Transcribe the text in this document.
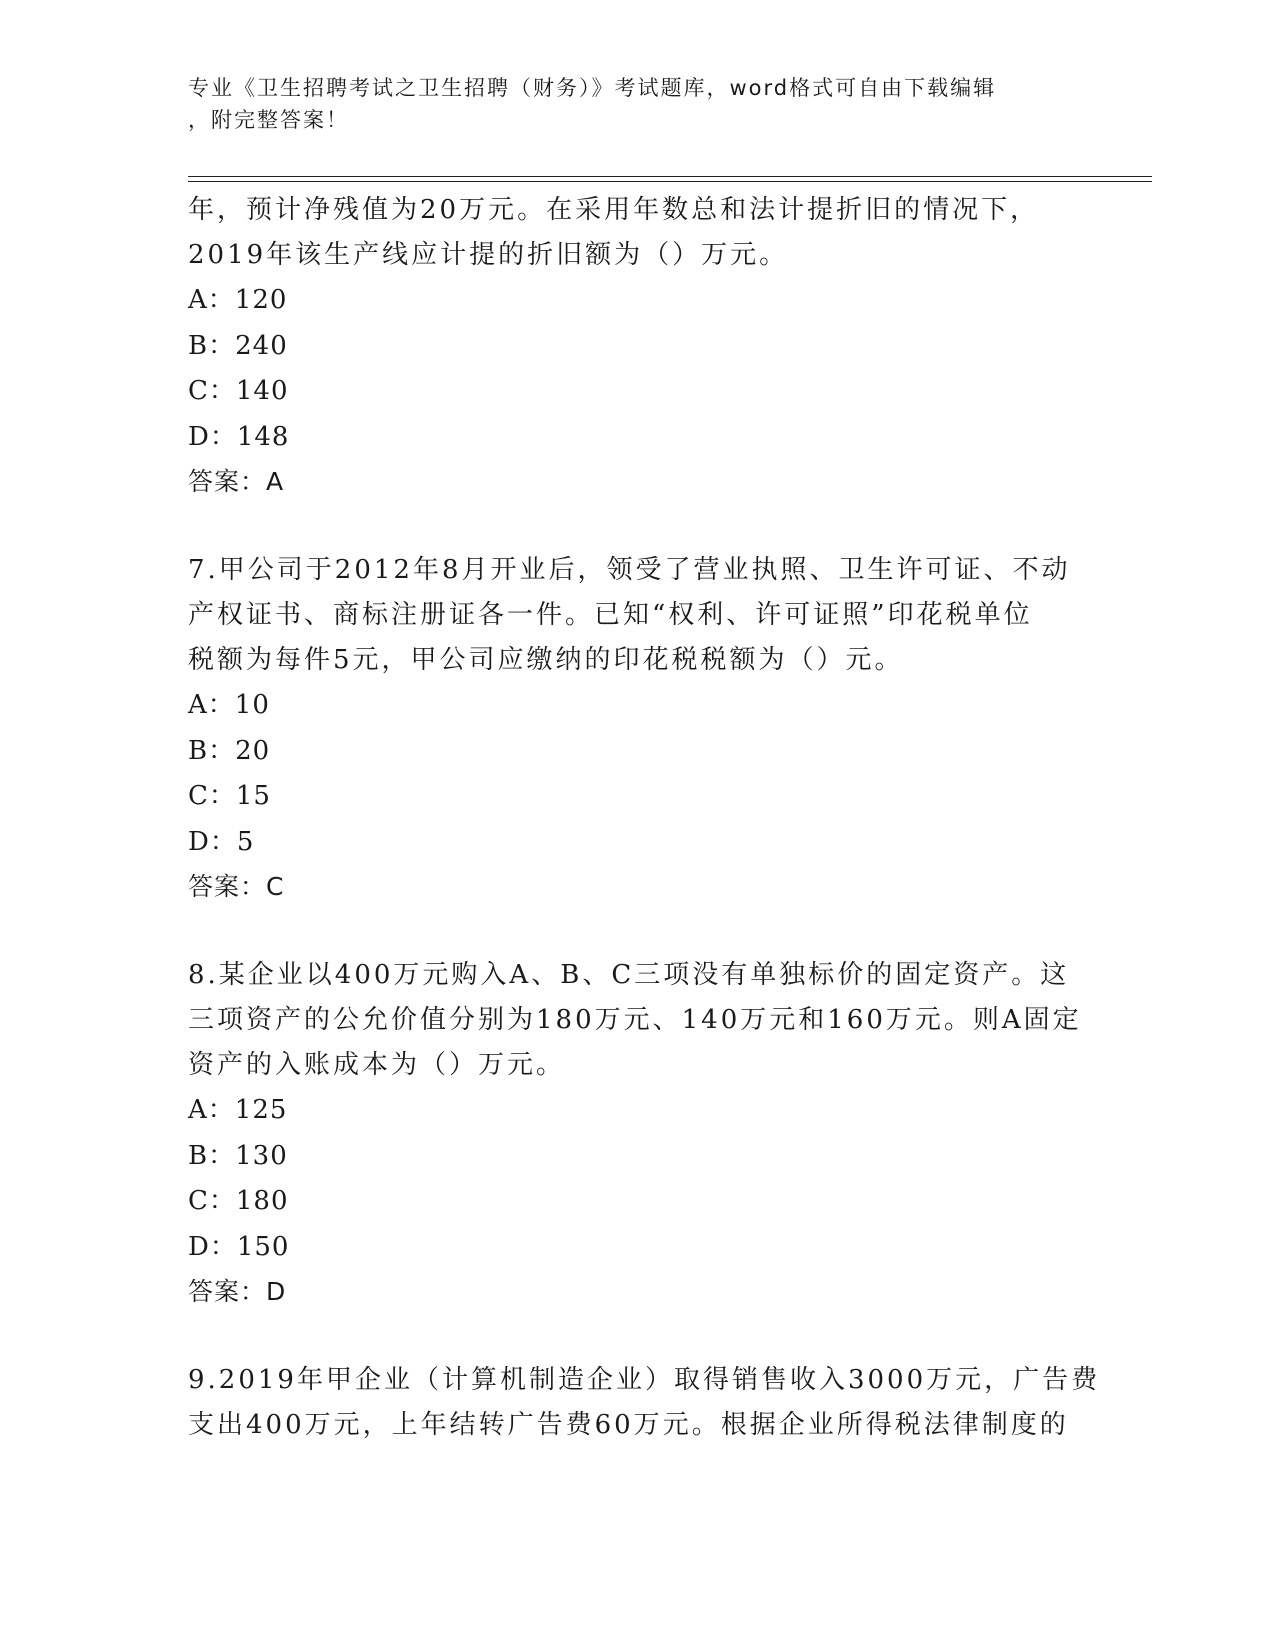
专业《卫生招聘考试之卫生招聘（财务）》考试题库，word格式可自由下载编辑
，附完整答案！
年，预计净残值为20万元。在采用年数总和法计提折旧的情况下，
2019年该生产线应计提的折旧额为（）万元。
A：120
B：240
C：140
D：148
答案：A
7.甲公司于2012年8月开业后，领受了营业执照、卫生许可证、不动
产权证书、商标注册证各一件。已知“权利、许可证照”印花税单位
税额为每件5元，甲公司应缴纳的印花税税额为（）元。
A：10
B：20
C：15
D：5
答案：C
8.某企业以400万元购入A、B、C三项没有单独标价的固定资产。这
三项资产的公允价值分别为180万元、140万元和160万元。则A固定
资产的入账成本为（）万元。
A：125
B：130
C：180
D：150
答案：D
9.2019年甲企业（计算机制造企业）取得销售收入3000万元，广告费
支出400万元，上年结转广告费60万元。根据企业所得税法律制度的
